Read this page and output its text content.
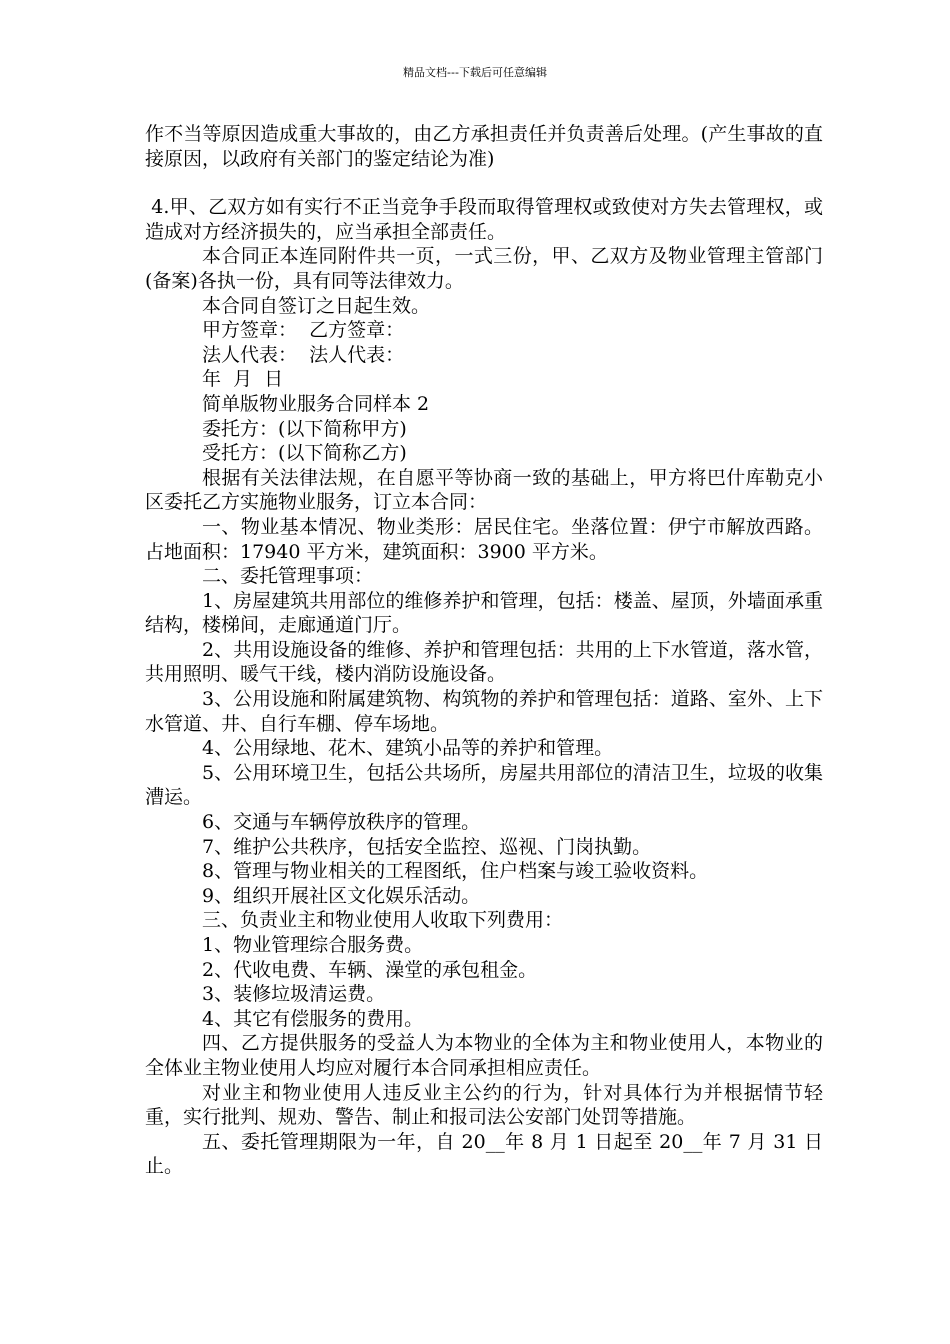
精品文档---下载后可任意编辑

作不当等原因造成重大事故的，由乙方承担责任并负责善后处理。(产生事故的直接原因，以政府有关部门的鉴定结论为准)

4.甲、乙双方如有实行不正当竞争手段而取得管理权或致使对方失去管理权，或造成对方经济损失的，应当承担全部责任。

本合同正本连同附件共一页，一式三份，甲、乙双方及物业管理主管部门(备案)各执一份，具有同等法律效力。

本合同自签订之日起生效。

甲方签章：  乙方签章：

法人代表：  法人代表：

年  月  日

简单版物业服务合同样本 2

委托方：(以下简称甲方)

受托方：(以下简称乙方)

根据有关法律法规，在自愿平等协商一致的基础上，甲方将巴什库勒克小区委托乙方实施物业服务，订立本合同：

一、物业基本情况、物业类形：居民住宅。坐落位置：伊宁市解放西路。占地面积：17940 平方米，建筑面积：3900 平方米。

二、委托管理事项：

1、房屋建筑共用部位的维修养护和管理，包括：楼盖、屋顶，外墙面承重结构，楼梯间，走廊通道门厅。

2、共用设施设备的维修、养护和管理包括：共用的上下水管道，落水管，共用照明、暖气干线，楼内消防设施设备。

3、公用设施和附属建筑物、构筑物的养护和管理包括：道路、室外、上下水管道、井、自行车棚、停车场地。

4、公用绿地、花木、建筑小品等的养护和管理。

5、公用环境卫生，包括公共场所，房屋共用部位的清洁卫生，垃圾的收集漕运。

6、交通与车辆停放秩序的管理。

7、维护公共秩序，包括安全监控、巡视、门岗执勤。

8、管理与物业相关的工程图纸，住户档案与竣工验收资料。

9、组织开展社区文化娱乐活动。

三、负责业主和物业使用人收取下列费用：

1、物业管理综合服务费。

2、代收电费、车辆、澡堂的承包租金。

3、装修垃圾清运费。

4、其它有偿服务的费用。

四、乙方提供服务的受益人为本物业的全体为主和物业使用人，本物业的全体业主物业使用人均应对履行本合同承担相应责任。

对业主和物业使用人违反业主公约的行为，针对具体行为并根据情节轻重，实行批判、规劝、警告、制止和报司法公安部门处罚等措施。

五、委托管理期限为一年，自 20__年 8 月 1 日起至 20__年 7 月 31 日止。
